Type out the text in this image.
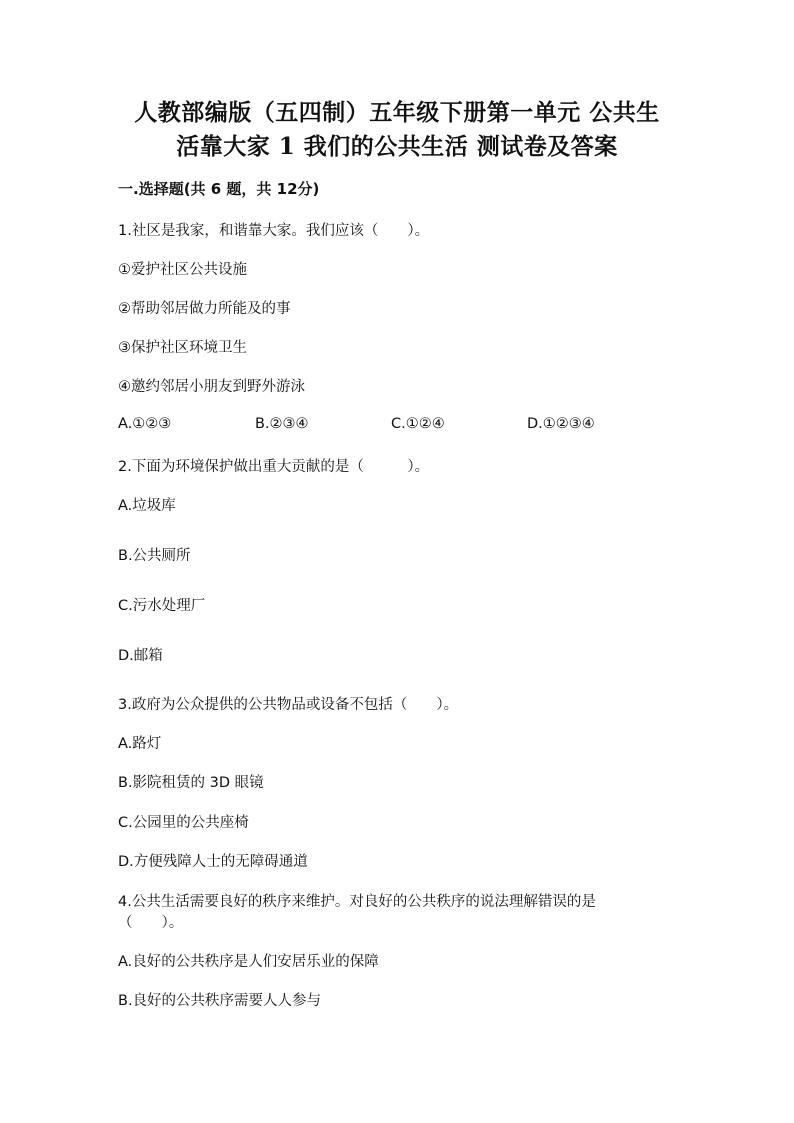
人教部编版（五四制）五年级下册第一单元 公共生
活靠大家 1 我们的公共生活 测试卷及答案
一.选择题(共 6 题，共 12分)
1.社区是我家，和谐靠大家。我们应该（　　）。
①爱护社区公共设施
②帮助邻居做力所能及的事
③保护社区环境卫生
④邀约邻居小朋友到野外游泳
A.①②③	B.②③④	C.①②④	D.①②③④
2.下面为环境保护做出重大贡献的是（　　　）。
A.垃圾库
B.公共厕所
C.污水处理厂
D.邮箱
3.政府为公众提供的公共物品或设备不包括（　　）。
A.路灯
B.影院租赁的 3D 眼镜
C.公园里的公共座椅
D.方便残障人士的无障碍通道
4.公共生活需要良好的秩序来维护。对良好的公共秩序的说法理解错误的是
（　　）。
A.良好的公共秩序是人们安居乐业的保障
B.良好的公共秩序需要人人参与
